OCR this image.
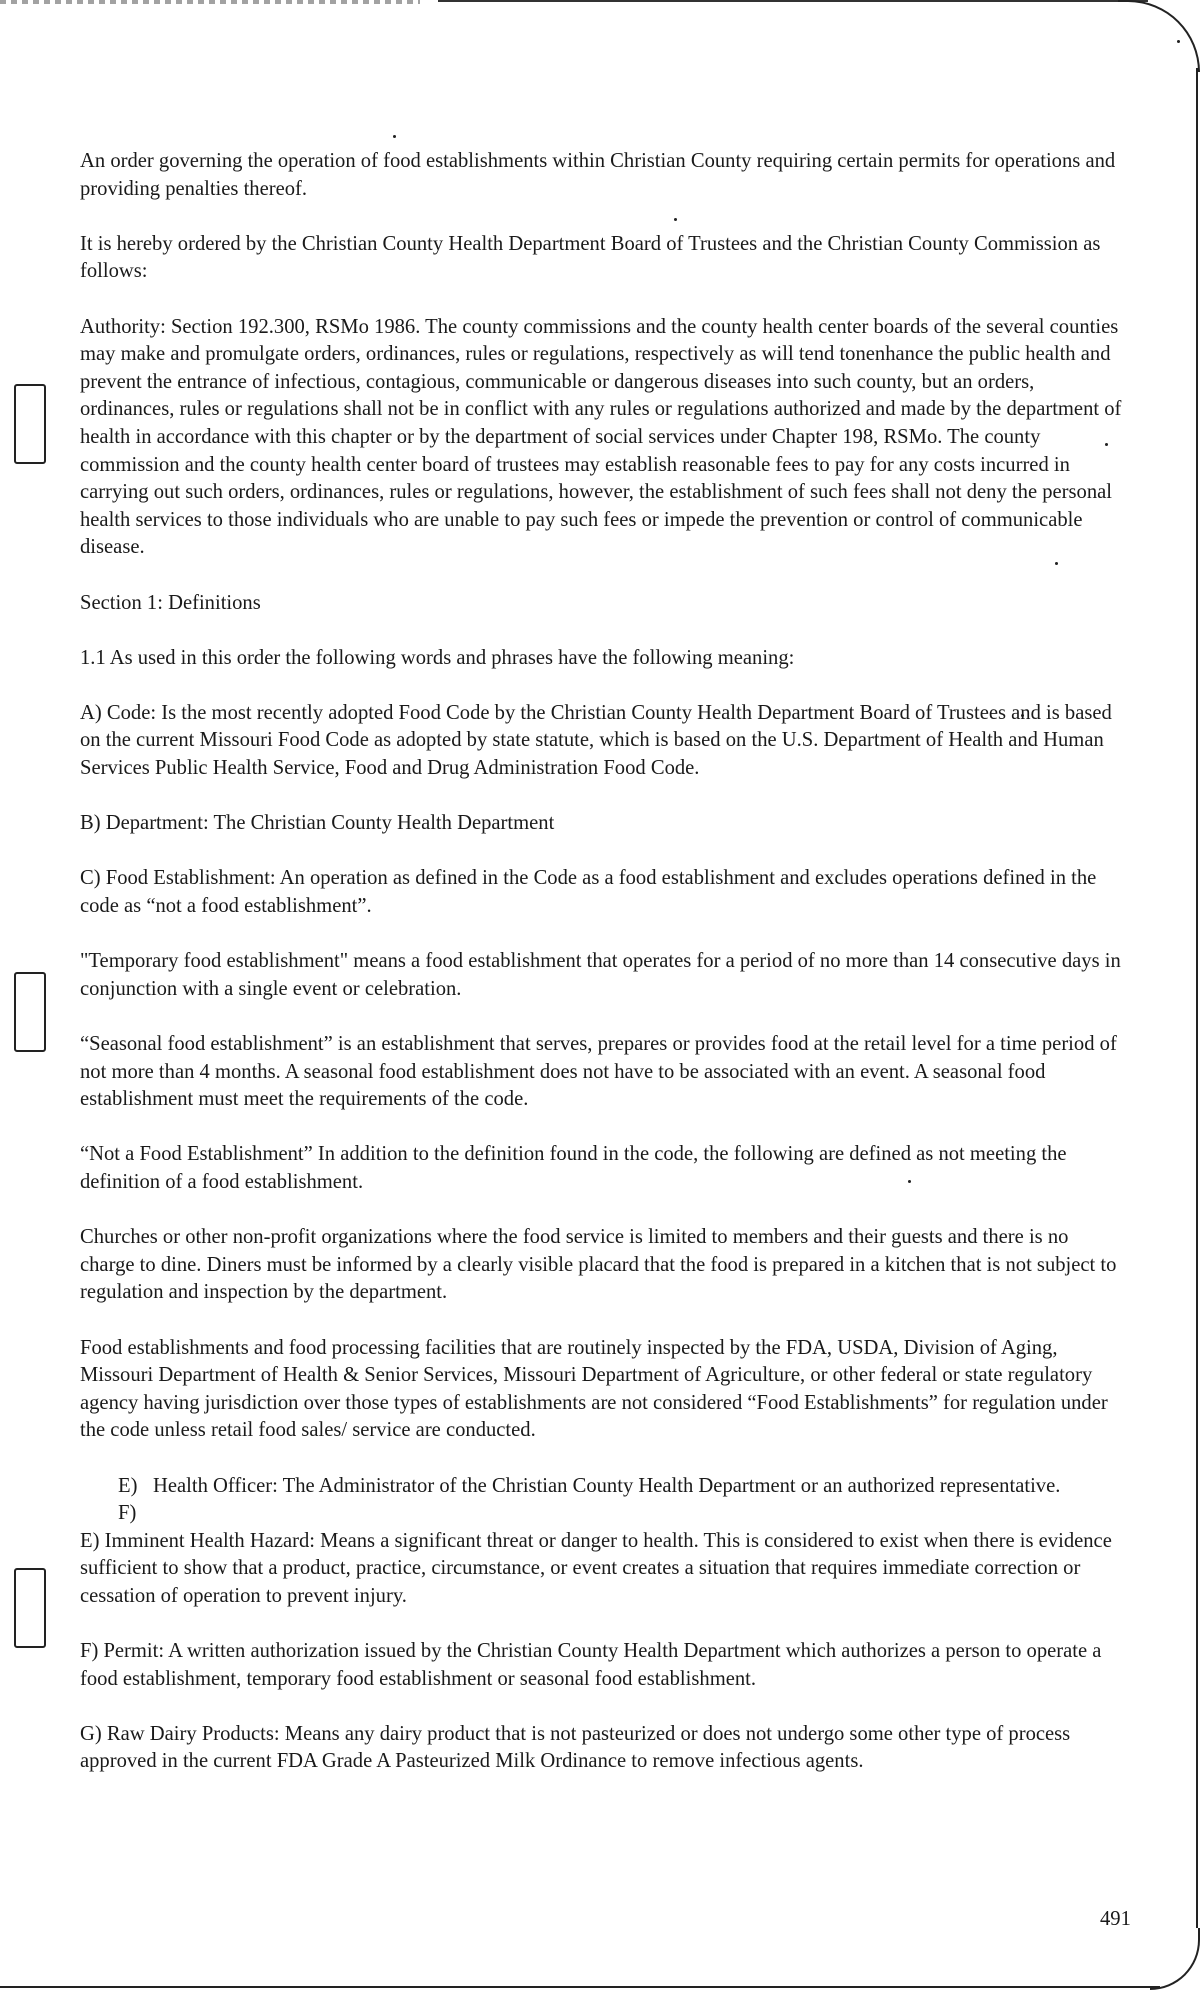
An order governing the operation of food establishments within Christian County requiring certain permits for operations and providing penalties thereof.

It is hereby ordered by the Christian County Health Department Board of Trustees and the Christian County Commission as follows:

Authority: Section 192.300, RSMo 1986. The county commissions and the county health center boards of the several counties may make and promulgate orders, ordinances, rules or regulations, respectively as will tend tonenhance the public health and prevent the entrance of infectious, contagious, communicable or dangerous diseases into such county, but an orders, ordinances, rules or regulations shall not be in conflict with any rules or regulations authorized and made by the department of health in accordance with this chapter or by the department of social services under Chapter 198, RSMo. The county commission and the county health center board of trustees may establish reasonable fees to pay for any costs incurred in carrying out such orders, ordinances, rules or regulations, however, the establishment of such fees shall not deny the personal health services to those individuals who are unable to pay such fees or impede the prevention or control of communicable disease.

Section 1: Definitions

1.1 As used in this order the following words and phrases have the following meaning:

A) Code: Is the most recently adopted Food Code by the Christian County Health Department Board of Trustees and is based on the current Missouri Food Code as adopted by state statute, which is based on the U.S. Department of Health and Human Services Public Health Service, Food and Drug Administration Food Code.

B) Department: The Christian County Health Department

C) Food Establishment: An operation as defined in the Code as a food establishment and excludes operations defined in the code as “not a food establishment”.

"Temporary food establishment" means a food establishment that operates for a period of no more than 14 consecutive days in conjunction with a single event or celebration.

“Seasonal food establishment” is an establishment that serves, prepares or provides food at the retail level for a time period of not more than 4 months. A seasonal food establishment does not have to be associated with an event. A seasonal food establishment must meet the requirements of the code.

“Not a Food Establishment” In addition to the definition found in the code, the following are defined as not meeting the definition of a food establishment.

Churches or other non-profit organizations where the food service is limited to members and their guests and there is no charge to dine. Diners must be informed by a clearly visible placard that the food is prepared in a kitchen that is not subject to regulation and inspection by the department.

Food establishments and food processing facilities that are routinely inspected by the FDA, USDA, Division of Aging, Missouri Department of Health & Senior Services, Missouri Department of Agriculture, or other federal or state regulatory agency having jurisdiction over those types of establishments are not considered “Food Establishments” for regulation under the code unless retail food sales/ service are conducted.

E) Health Officer: The Administrator of the Christian County Health Department or an authorized representative.
F)

E) Imminent Health Hazard: Means a significant threat or danger to health. This is considered to exist when there is evidence sufficient to show that a product, practice, circumstance, or event creates a situation that requires immediate correction or cessation of operation to prevent injury.

F) Permit: A written authorization issued by the Christian County Health Department which authorizes a person to operate a food establishment, temporary food establishment or seasonal food establishment.

G) Raw Dairy Products: Means any dairy product that is not pasteurized or does not undergo some other type of process approved in the current FDA Grade A Pasteurized Milk Ordinance to remove infectious agents.

491
